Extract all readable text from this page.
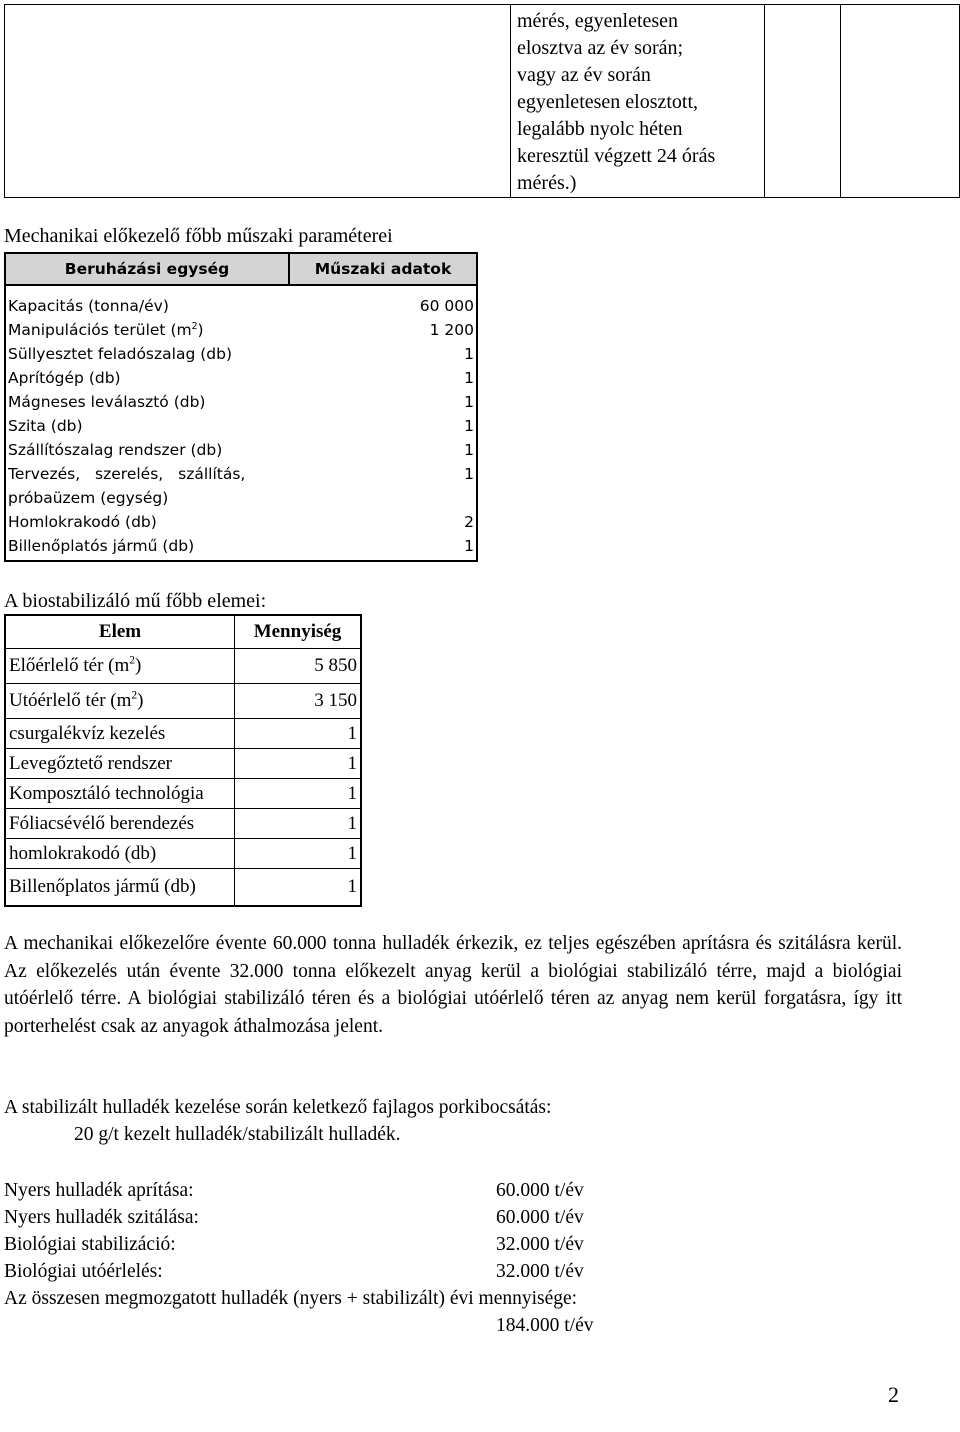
mérés, egyenletesen
elosztva az év során;
vagy az év során
egyenletesen elosztott,
legalább nyolc héten
keresztül végzett 24 órás
mérés.)

Mechanikai előkezelő főbb műszaki paraméterei
Beruházási egység	Műszaki adatok

Kapacitás (tonna/év)	60 000
Manipulációs terület $(m^2)$	1 200
Süllyesztet feladószalag (db)	1
Aprítógép (db)	1
Mágneses leválasztó (db)	1
Szita (db)	1
Szállítószalag rendszer (db)	1

Tervezés, szerelés, szállítás,
próbaüzem (egység)	1
Homlokrakodó (db)	2
Billenőplatós jármű (db)	1
A biostabilizáló mű főbb elemei:
Elem	Mennyiség
Előérlelő tér $(m^2)$	5 850
Utóérlelő tér $(m^2)$	3 150
csurgalékvíz kezelés	1
Levegőztető rendszer	1
Komposztáló technológia	1
Fóliacsévélő berendezés	1
homlokrakodó (db)	1
Billenőplatos jármű (db)	1
A mechanikai előkezelőre évente 60.000 tonna hulladék érkezik, ez teljes egészében aprításra és szitálásra kerül. Az előkezelés után évente 32.000 tonna előkezelt anyag kerül a biológiai stabilizáló térre, majd a biológiai utóérlelő térre. A biológiai stabilizáló téren és a biológiai utóérlelő téren az anyag nem kerül forgatásra, így itt porterhelést csak az anyagok áthalmozása jelent.
A stabilizált hulladék kezelése során keletkező fajlagos porkibocsátás:
20 g/t kezelt hulladék/stabilizált hulladék.
Nyers hulladék aprítása:	60.000 t/év
Nyers hulladék szitálása:	60.000 t/év
Biológiai stabilizáció:	32.000 t/év
Biológiai utóérlelés:	32.000 t/év
Az összesen megmozgatott hulladék (nyers + stabilizált) évi mennyisége:
184.000 t/év
2
